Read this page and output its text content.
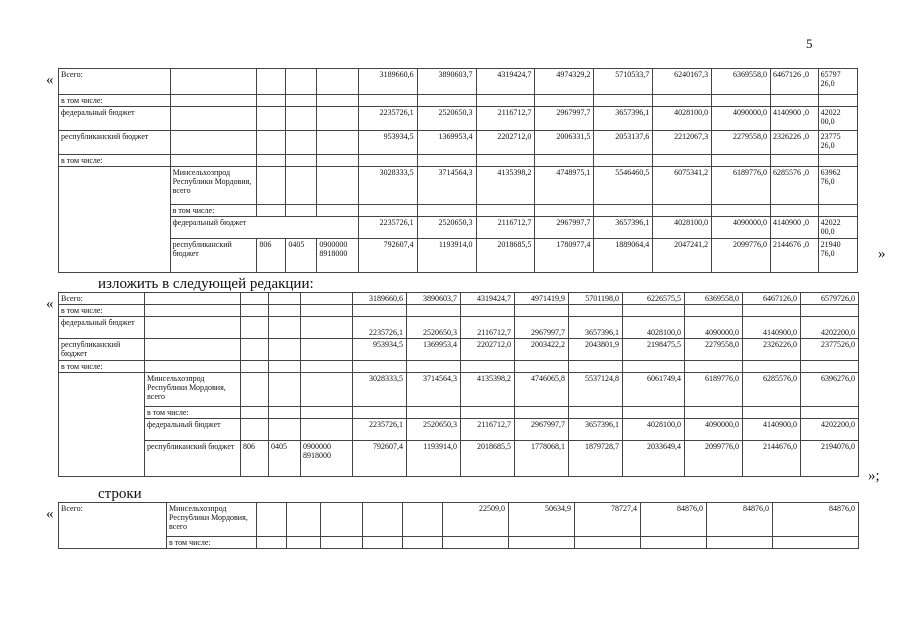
5
«
»
изложить в следующей редакции:
«
»;
строки
«
Всего:					3189660,6	3890603,7	4319424,7	4974329,2	5710533,7	6240167,3	6369558,0	6467126 ,0	65797 26,0
в том числе:													
федеральный бюджет					2235726,1	2520650,3	2116712,7	2967997,7	3657396,1	4028100,0	4090000,0	4140900 ,0	42022 00,0
республиканский бюджет					953934,5	1369953,4	2202712,0	2006331,5	2053137,6	2212067,3	2279558,0	2326226 ,0	23775 26,0
в том числе:													
	Минсельхозпрод Республики Мордовия, всего				3028333,5	3714564,3	4135398,2	4748975,1	5546460,5	6075341,2	6189776,0	6285576 ,0	63962 76,0
	в том числе:												
	федеральный бюджет				2235726,1	2520650,3	2116712,7	2967997,7	3657396,1	4028100,0	4090000,0	4140900 ,0	42022 00,0
	республиканский бюджет	806	0405	0900000 8918000	792607,4	1193914,0	2018685,5	1780977,4	1889064,4	2047241,2	2099776,0	2144676 ,0	21940 76,0
Всего:					3189660,6	3890603,7	4319424,7	4971419,9	5701198,0	6226575,5	6369558,0	6467126,0	6579726,0
в том числе:													
федеральный бюджет					2235726,1	2520650,3	2116712,7	2967997,7	3657396,1	4028100,0	4090000,0	4140900,0	4202200,0
республиканский бюджет					953934,5	1369953,4	2202712,0	2003422,2	2043801,9	2198475,5	2279558,0	2326226,0	2377526,0
в том числе:													
	Минсельхозпрод Республики Мордовия, всего				3028333,5	3714564,3	4135398,2	4746065,8	5537124,8	6061749,4	6189776,0	6285576,0	6396276,0
	в том числе:												
	федеральный бюджет				2235726,1	2520650,3	2116712,7	2967997,7	3657396,1	4028100,0	4090000,0	4140900,0	4202200,0
	республиканский бюджет	806	0405	0900000 8918000	792607,4	1193914,0	2018685,5	1778068,1	1879728,7	2033649,4	2099776,0	2144676,0	2194076,0
Всего:	Минсельхозпрод Республики Мордовия, всего						22509,0	50634,9	78727,4	84876,0	84876,0	84876,0
	в том числе:											
